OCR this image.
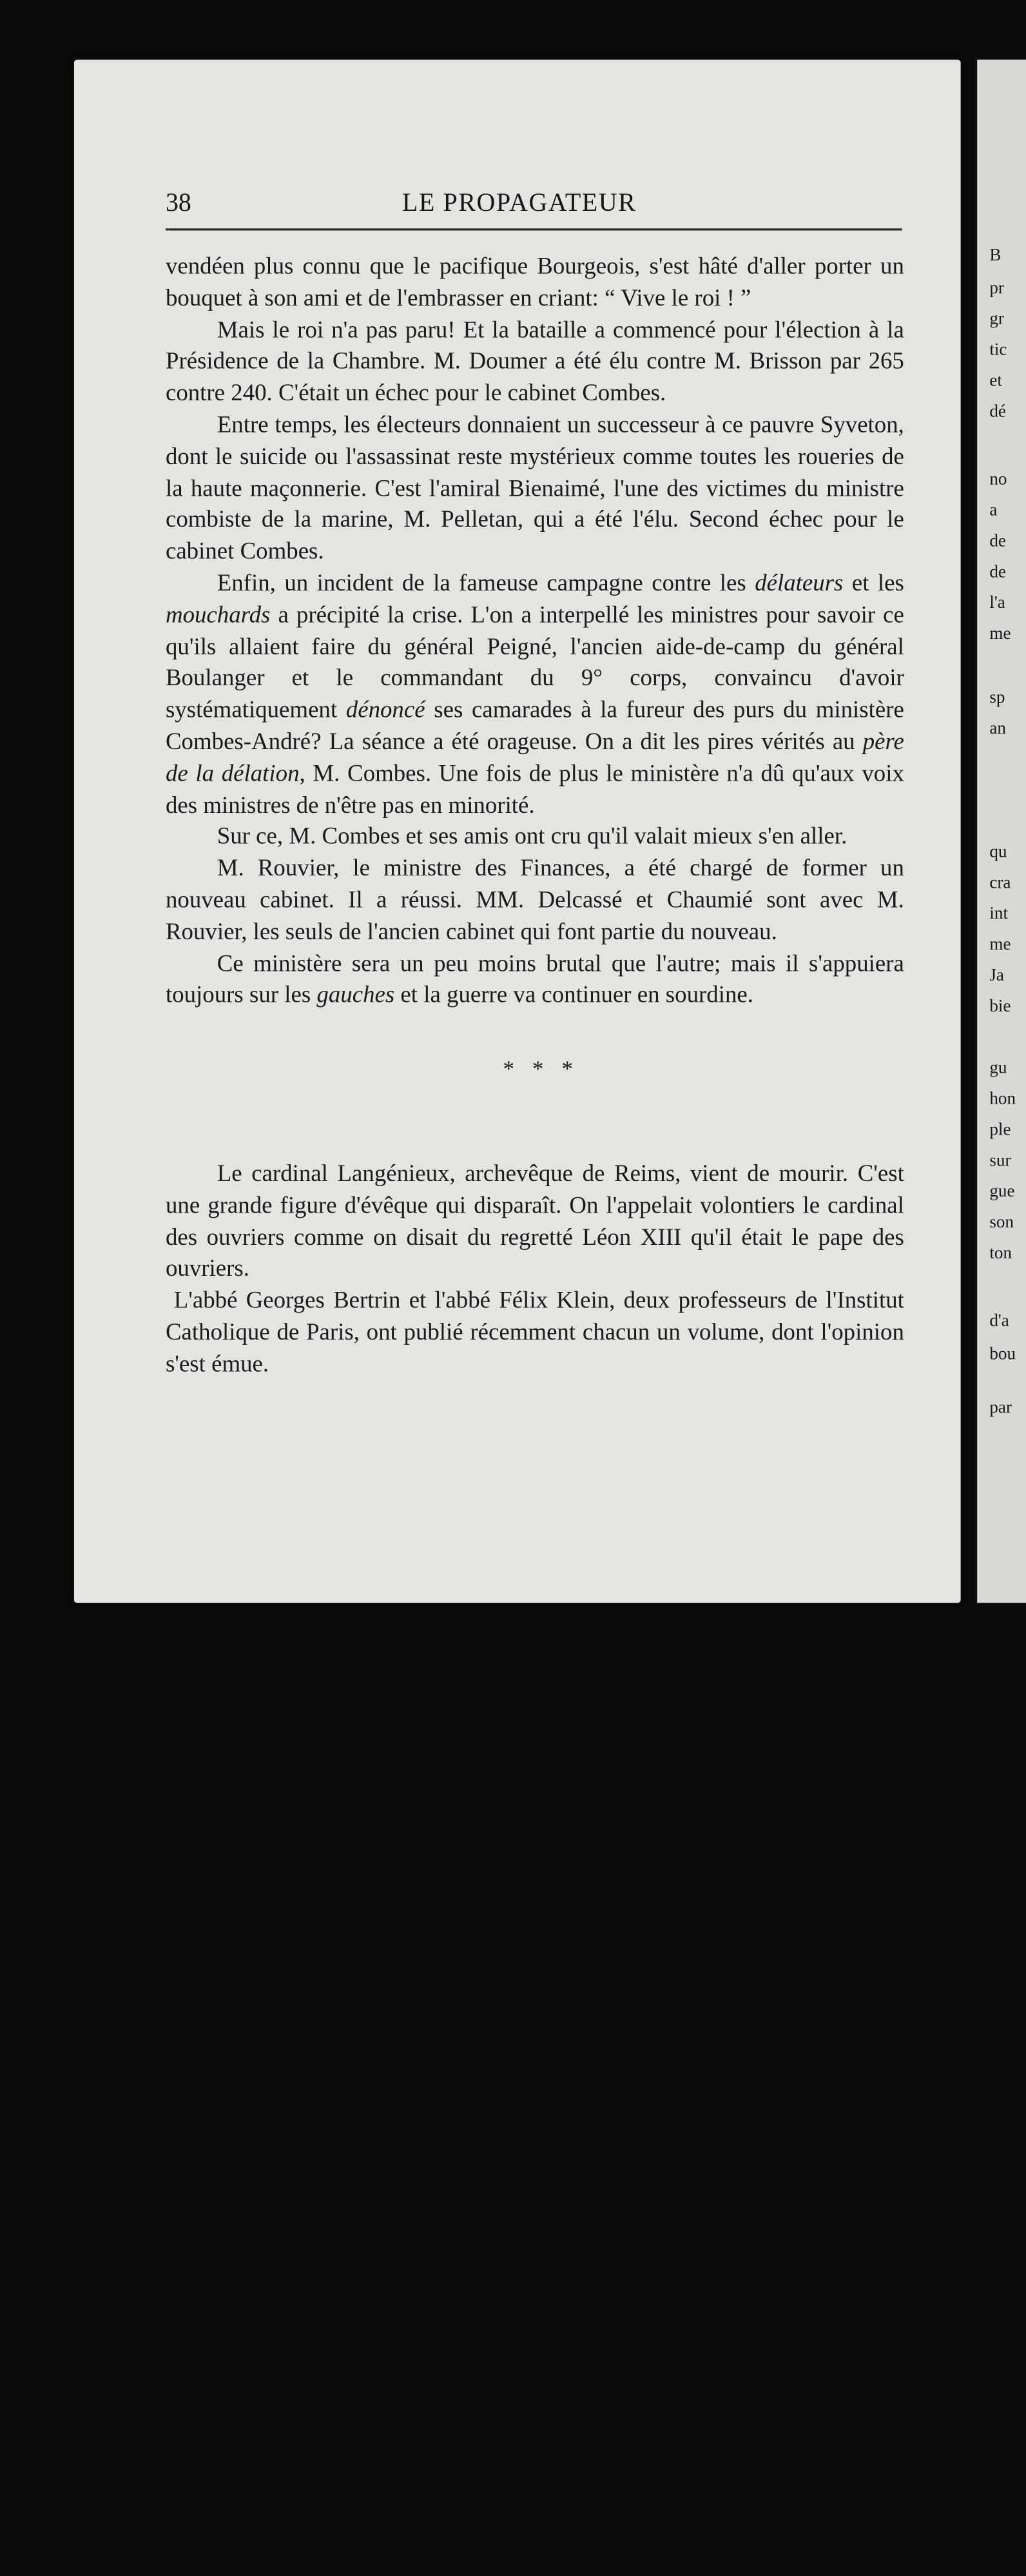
B
pr
gr
tic
et
dé
no
a
de
de
l'a
me
sp
an
qu
cra
int
me
Ja
bie
gu
hon
ple
sur
gue
son
ton
d'a
bou
par
38	LE PROPAGATEUR

vendéen plus connu que le pacifique Bourgeois, s'est hâté d'aller porter un bouquet à son ami et de l'embrasser en criant: “ Vive le roi ! ”

Mais le roi n'a pas paru! Et la bataille a commencé pour l'élection à la Présidence de la Chambre. M. Doumer a été élu contre M. Brisson par 265 contre 240. C'était un échec pour le cabinet Combes.

Entre temps, les électeurs donnaient un successeur à ce pauvre Syveton, dont le suicide ou l'assassinat reste mystérieux comme toutes les roueries de la haute maçonnerie. C'est l'amiral Bienaimé, l'une des victimes du ministre combiste de la marine, M. Pelletan, qui a été l'élu. Second échec pour le cabinet Combes.

Enfin, un incident de la fameuse campagne contre les délateurs et les mouchards a précipité la crise. L'on a interpellé les ministres pour savoir ce qu'ils allaient faire du général Peigné, l'ancien aide-de-camp du général Boulanger et le commandant du 9° corps, convaincu d'avoir systématiquement dénoncé ses camarades à la fureur des purs du ministère Combes-André? La séance a été orageuse. On a dit les pires vérités au père de la délation, M. Combes. Une fois de plus le ministère n'a dû qu'aux voix des ministres de n'être pas en minorité.

Sur ce, M. Combes et ses amis ont cru qu'il valait mieux s'en aller.

M. Rouvier, le ministre des Finances, a été chargé de former un nouveau cabinet. Il a réussi. MM. Delcassé et Chaumié sont avec M. Rouvier, les seuls de l'ancien cabinet qui font partie du nouveau.

Ce ministère sera un peu moins brutal que l'autre; mais il s'appuiera toujours sur les gauches et la guerre va continuer en sourdine.

* * *

Le cardinal Langénieux, archevêque de Reims, vient de mourir. C'est une grande figure d'évêque qui disparaît. On l'appelait volontiers le cardinal des ouvriers comme on disait du regretté Léon XIII qu'il était le pape des ouvriers.

L'abbé Georges Bertrin et l'abbé Félix Klein, deux professeurs de l'Institut Catholique de Paris, ont publié récemment chacun un volume, dont l'opinion s'est émue.
